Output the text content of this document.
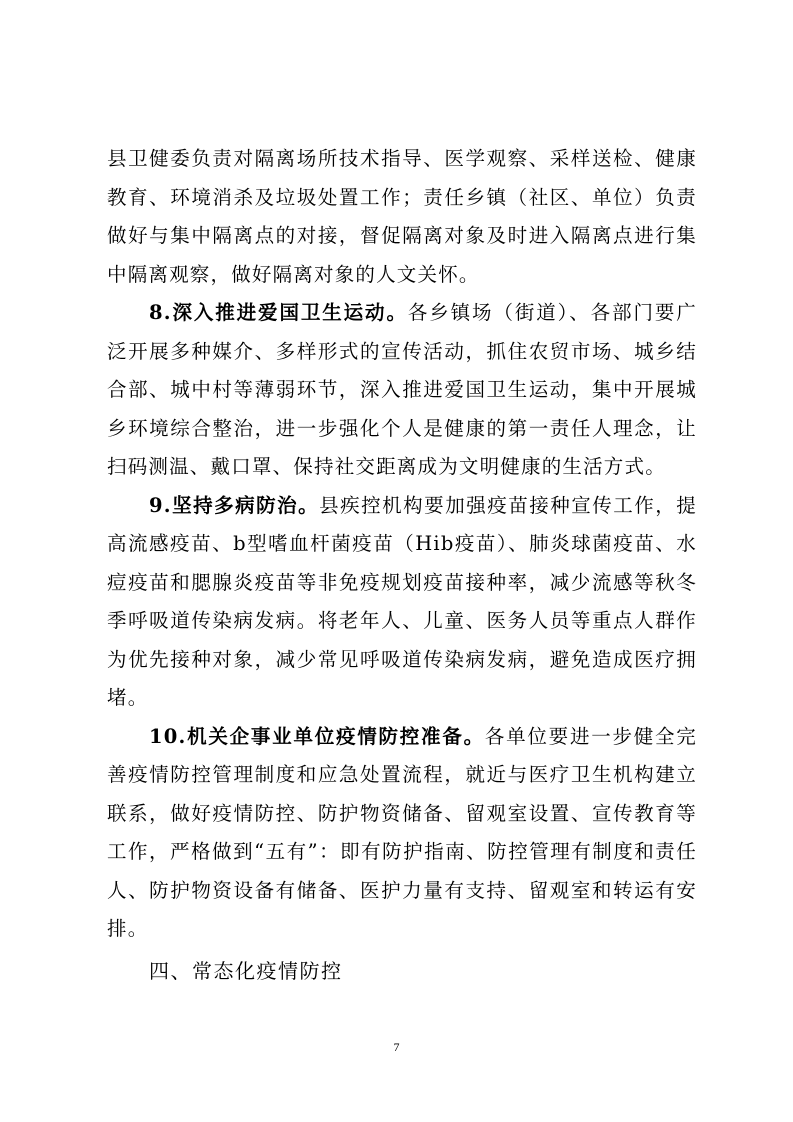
县卫健委负责对隔离场所技术指导、医学观察、采样送检、健康教育、环境消杀及垃圾处置工作；责任乡镇（社区、单位）负责做好与集中隔离点的对接，督促隔离对象及时进入隔离点进行集中隔离观察，做好隔离对象的人文关怀。

8.深入推进爱国卫生运动。各乡镇场（街道）、各部门要广泛开展多种媒介、多样形式的宣传活动，抓住农贸市场、城乡结合部、城中村等薄弱环节，深入推进爱国卫生运动，集中开展城乡环境综合整治，进一步强化个人是健康的第一责任人理念，让扫码测温、戴口罩、保持社交距离成为文明健康的生活方式。

9.坚持多病防治。县疾控机构要加强疫苗接种宣传工作，提高流感疫苗、b型嗜血杆菌疫苗（Hib疫苗）、肺炎球菌疫苗、水痘疫苗和腮腺炎疫苗等非免疫规划疫苗接种率，减少流感等秋冬季呼吸道传染病发病。将老年人、儿童、医务人员等重点人群作为优先接种对象，减少常见呼吸道传染病发病，避免造成医疗拥堵。

10.机关企事业单位疫情防控准备。各单位要进一步健全完善疫情防控管理制度和应急处置流程，就近与医疗卫生机构建立联系，做好疫情防控、防护物资储备、留观室设置、宣传教育等工作，严格做到“五有”：即有防护指南、防控管理有制度和责任人、防护物资设备有储备、医护力量有支持、留观室和转运有安排。

四、常态化疫情防控

7
